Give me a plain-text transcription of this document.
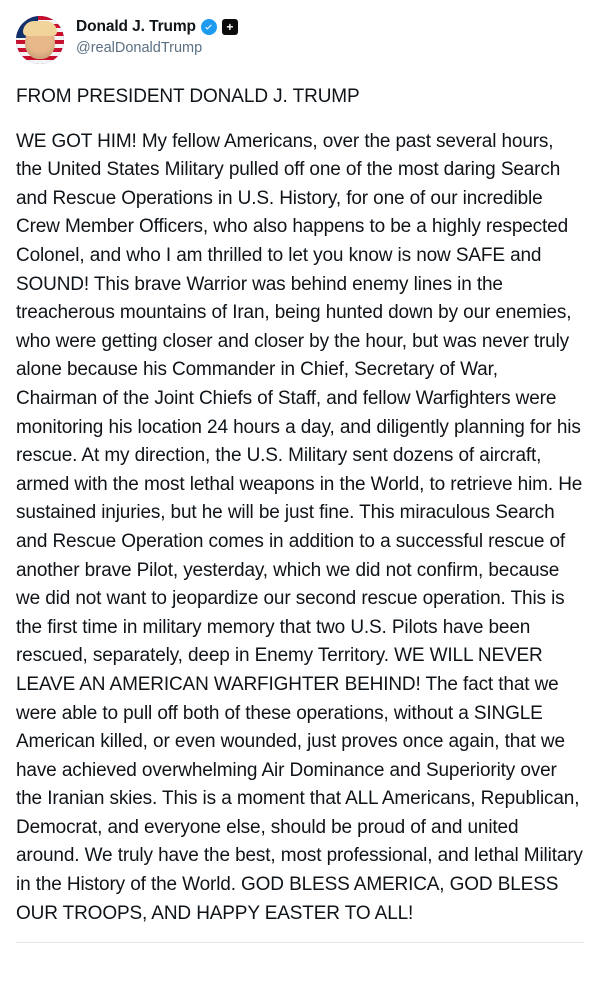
Donald J. Trump	+
@realDonaldTrump
FROM PRESIDENT DONALD J. TRUMP
WE GOT HIM! My fellow Americans, over the past several hours, the United States Military pulled off one of the most daring Search and Rescue Operations in U.S. History, for one of our incredible Crew Member Officers, who also happens to be a highly respected Colonel, and who I am thrilled to let you know is now SAFE and SOUND! This brave Warrior was behind enemy lines in the treacherous mountains of Iran, being hunted down by our enemies, who were getting closer and closer by the hour, but was never truly alone because his Commander in Chief, Secretary of War, Chairman of the Joint Chiefs of Staff, and fellow Warfighters were monitoring his location 24 hours a day, and diligently planning for his rescue. At my direction, the U.S. Military sent dozens of aircraft, armed with the most lethal weapons in the World, to retrieve him. He sustained injuries, but he will be just fine. This miraculous Search and Rescue Operation comes in addition to a successful rescue of another brave Pilot, yesterday, which we did not confirm, because we did not want to jeopardize our second rescue operation. This is the first time in military memory that two U.S. Pilots have been rescued, separately, deep in Enemy Territory. WE WILL NEVER LEAVE AN AMERICAN WARFIGHTER BEHIND! The fact that we were able to pull off both of these operations, without a SINGLE American killed, or even wounded, just proves once again, that we have achieved overwhelming Air Dominance and Superiority over the Iranian skies. This is a moment that ALL Americans, Republican, Democrat, and everyone else, should be proud of and united around. We truly have the best, most professional, and lethal Military in the History of the World. GOD BLESS AMERICA, GOD BLESS OUR TROOPS, AND HAPPY EASTER TO ALL!
